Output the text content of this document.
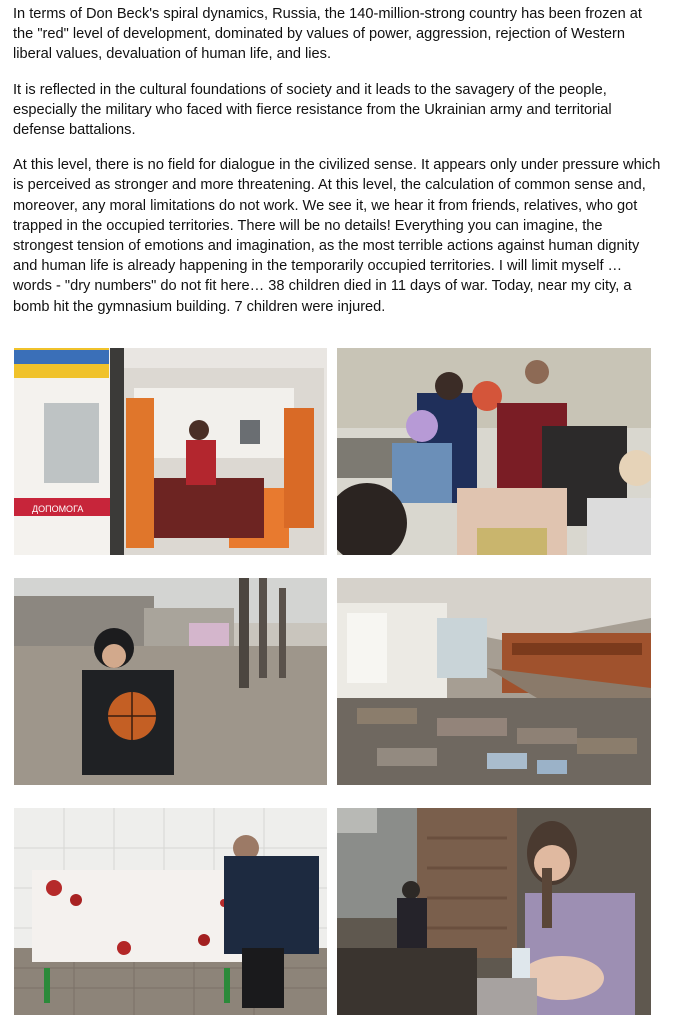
In terms of Don Beck's spiral dynamics, Russia, the 140-million-strong country has been frozen at the "red" level of development, dominated by values of power, aggression, rejection of Western liberal values, devaluation of human life, and lies.

It is reflected in the cultural foundations of society and it leads to the savagery of the people, especially the military who faced with fierce resistance from the Ukrainian army and territorial defense battalions.

At this level, there is no field for dialogue in the civilized sense. It appears only under pressure which is perceived as stronger and more threatening. At this level, the calculation of common sense and, moreover, any moral limitations do not work. We see it, we hear it from friends, relatives, who got trapped in the occupied territories. There will be no details! Everything you can imagine, the strongest tension of emotions and imagination, as the most terrible actions against human dignity and human life is already happening in the temporarily occupied territories. I will limit myself … words - "dry numbers" do not fit here… 38 children died in 11 days of war. Today, near my city, a bomb hit the gymnasium building. 7 children were injured.

ДОПОМОГА
